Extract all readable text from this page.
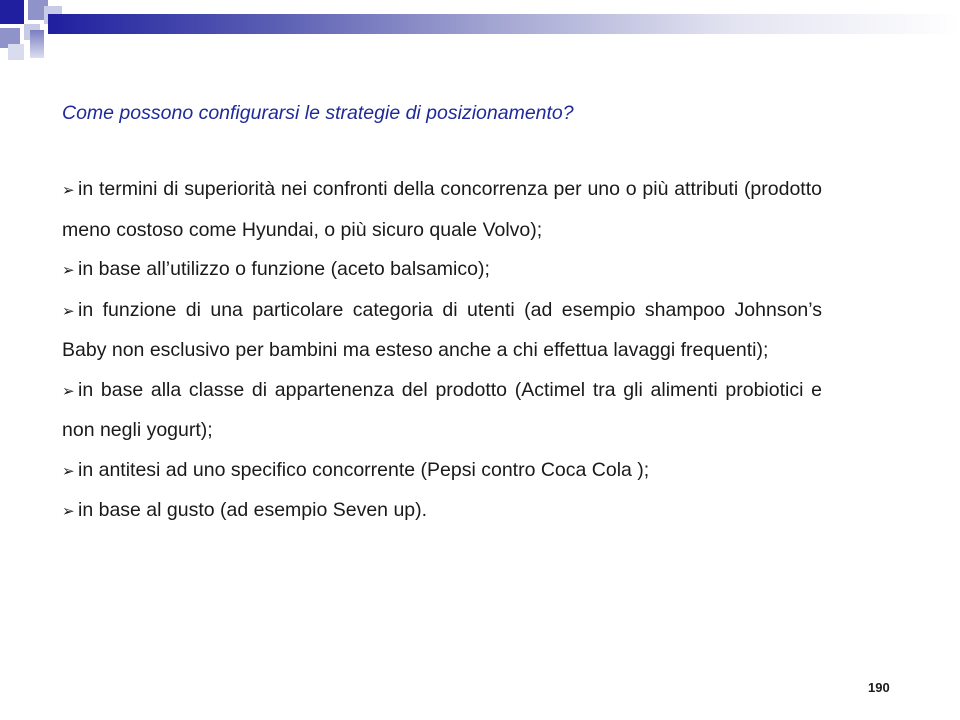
Come possono configurarsi le strategie di posizionamento?

➢ in termini di superiorità nei confronti della concorrenza per uno o più attributi (prodotto meno costoso come Hyundai, o più sicuro quale Volvo);

➢ in base all’utilizzo o funzione (aceto balsamico);

➢ in funzione di una particolare categoria di utenti (ad esempio shampoo Johnson’s Baby non esclusivo per bambini ma esteso anche a chi effettua lavaggi frequenti);

➢ in base alla classe di appartenenza del prodotto (Actimel tra gli alimenti probiotici e non negli yogurt);

➢ in antitesi ad uno specifico concorrente (Pepsi contro Coca Cola );

➢ in base al gusto (ad esempio Seven up).

190
